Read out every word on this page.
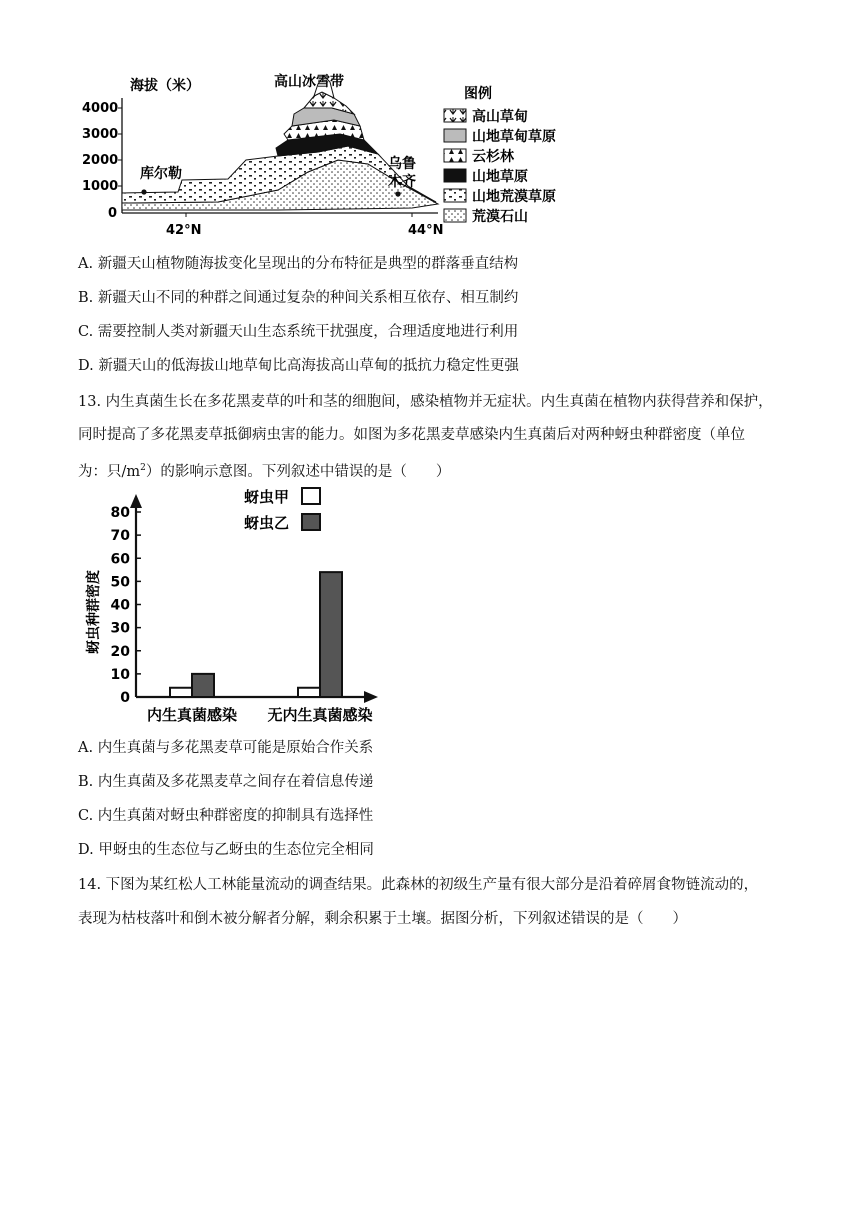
海拔（米）
4000
3000
2000
1000
0
高山冰雪带
库尔勒
乌鲁
木齐
42°N	44°N
图例
高山草甸
山地草甸草原
云杉林
山地草原
山地荒漠草原
荒漠石山
A. 新疆天山植物随海拔变化呈现出的分布特征是典型的群落垂直结构
B. 新疆天山不同的种群之间通过复杂的种间关系相互依存、相互制约
C. 需要控制人类对新疆天山生态系统干扰强度，合理适度地进行利用
D. 新疆天山的低海拔山地草甸比高海拔高山草甸的抵抗力稳定性更强
13. 内生真菌生长在多花黑麦草的叶和茎的细胞间，感染植物并无症状。内生真菌在植物内获得营养和保护，
同时提高了多花黑麦草抵御病虫害的能力。如图为多花黑麦草感染内生真菌后对两种蚜虫种群密度（单位
为：只$/m^2$）的影响示意图。下列叙述中错误的是（　　）
蚜虫种群密度
80
70
60
50
40
30
20
10
0
内生真菌感染 无内生真菌感染
蚜虫甲
蚜虫乙
A. 内生真菌与多花黑麦草可能是原始合作关系
B. 内生真菌及多花黑麦草之间存在着信息传递
C. 内生真菌对蚜虫种群密度的抑制具有选择性
D. 甲蚜虫的生态位与乙蚜虫的生态位完全相同
14. 下图为某红松人工林能量流动的调查结果。此森林的初级生产量有很大部分是沿着碎屑食物链流动的，
表现为枯枝落叶和倒木被分解者分解，剩余积累于土壤。据图分析，下列叙述错误的是（　　）
